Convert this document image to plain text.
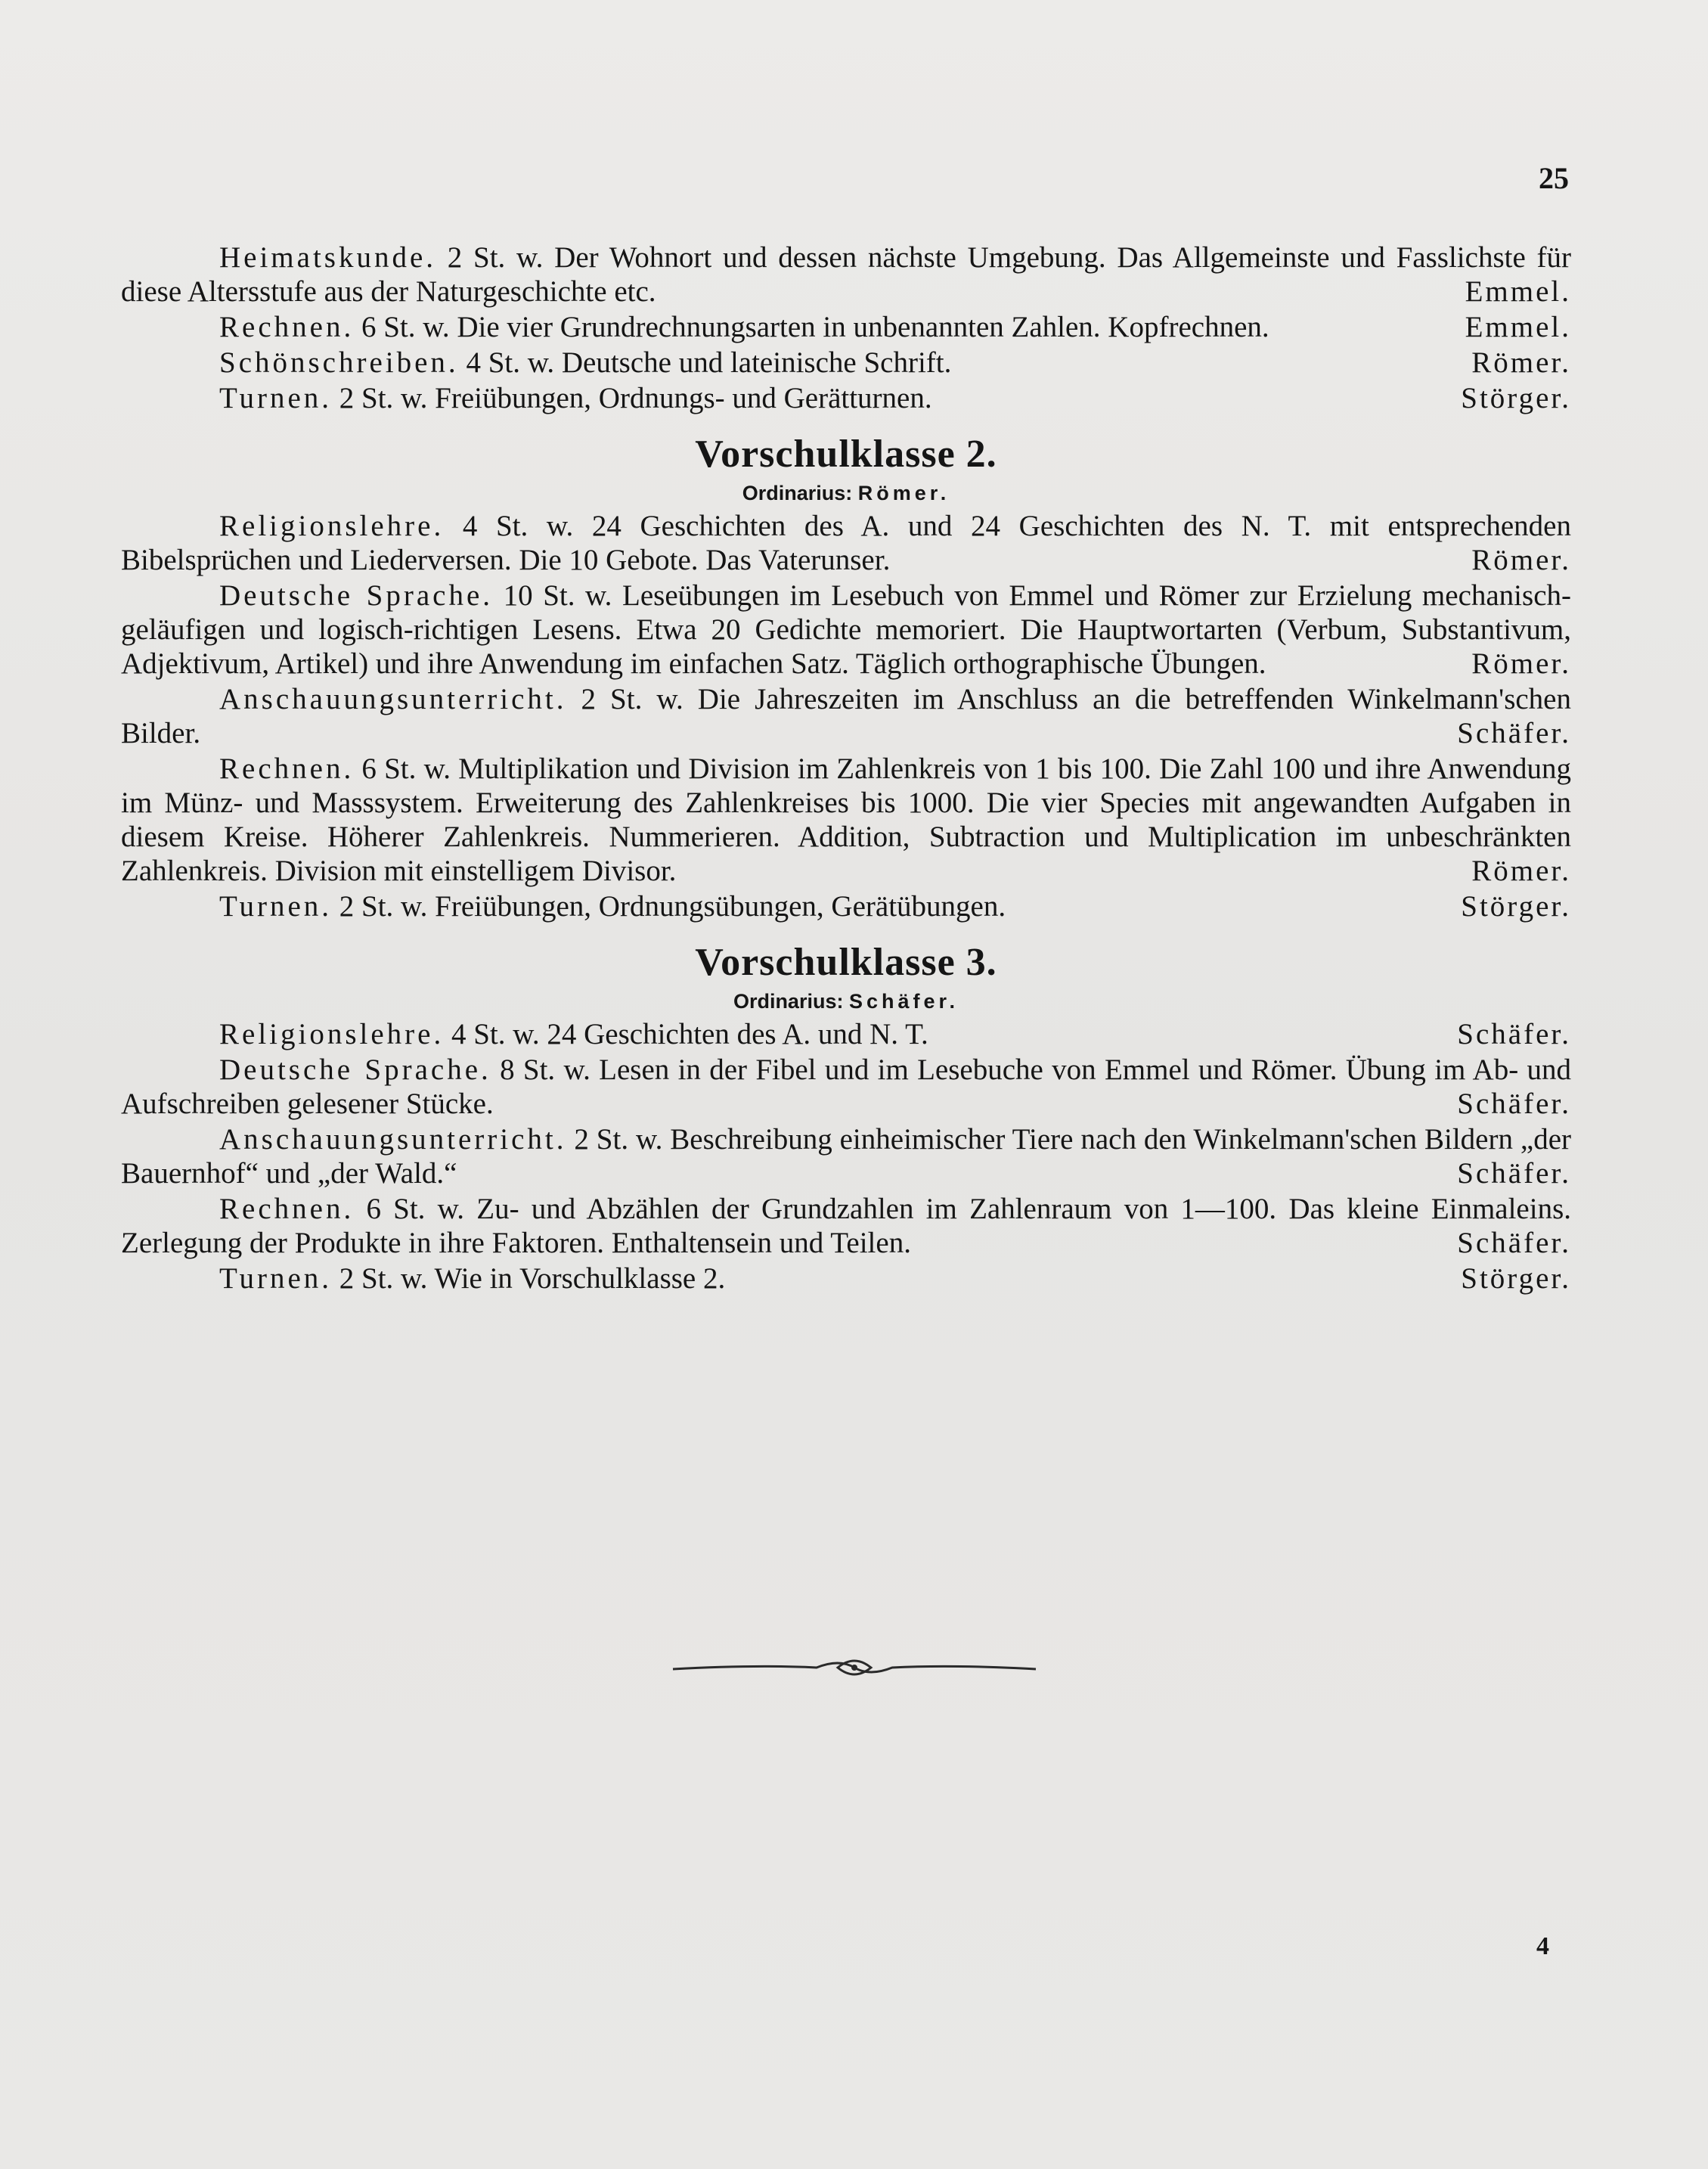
25
Heimatskunde. 2 St. w. Der Wohnort und dessen nächste Umgebung. Das Allgemeinste und Fasslichste für diese Altersstufe aus der Naturgeschichte etc.	Emmel.
Rechnen. 6 St. w. Die vier Grundrechnungsarten in unbenannten Zahlen. Kopfrechnen.	Emmel.
Schönschreiben. 4 St. w. Deutsche und lateinische Schrift.	Römer.
Turnen. 2 St. w. Freiübungen, Ordnungs- und Gerätturnen.	Störger.
Vorschulklasse 2.
Ordinarius: Römer.
Religionslehre. 4 St. w. 24 Geschichten des A. und 24 Geschichten des N. T. mit entsprechenden Bibelsprüchen und Liederversen. Die 10 Gebote. Das Vaterunser.	Römer.
Deutsche Sprache. 10 St. w. Leseübungen im Lesebuch von Emmel und Römer zur Erzielung mechanisch-geläufigen und logisch-richtigen Lesens. Etwa 20 Gedichte memoriert. Die Hauptwortarten (Verbum, Substantivum, Adjektivum, Artikel) und ihre Anwendung im einfachen Satz. Täglich orthographische Übungen.	Römer.
Anschauungsunterricht. 2 St. w. Die Jahreszeiten im Anschluss an die betreffenden Winkelmann'schen Bilder.	Schäfer.
Rechnen. 6 St. w. Multiplikation und Division im Zahlenkreis von 1 bis 100. Die Zahl 100 und ihre Anwendung im Münz- und Masssystem. Erweiterung des Zahlenkreises bis 1000. Die vier Species mit angewandten Aufgaben in diesem Kreise. Höherer Zahlenkreis. Nummerieren. Addition, Subtraction und Multiplication im unbeschränkten Zahlenkreis. Division mit einstelligem Divisor.	Römer.
Turnen. 2 St. w. Freiübungen, Ordnungsübungen, Gerätübungen.	Störger.
Vorschulklasse 3.
Ordinarius: Schäfer.
Religionslehre. 4 St. w. 24 Geschichten des A. und N. T.	Schäfer.
Deutsche Sprache. 8 St. w. Lesen in der Fibel und im Lesebuche von Emmel und Römer. Übung im Ab- und Aufschreiben gelesener Stücke.	Schäfer.
Anschauungsunterricht. 2 St. w. Beschreibung einheimischer Tiere nach den Winkelmann'schen Bildern „der Bauernhof“ und „der Wald.“	Schäfer.
Rechnen. 6 St. w. Zu- und Abzählen der Grundzahlen im Zahlenraum von 1—100. Das kleine Einmaleins. Zerlegung der Produkte in ihre Faktoren. Enthaltensein und Teilen.	Schäfer.
Turnen. 2 St. w. Wie in Vorschulklasse 2.	Störger.
4
